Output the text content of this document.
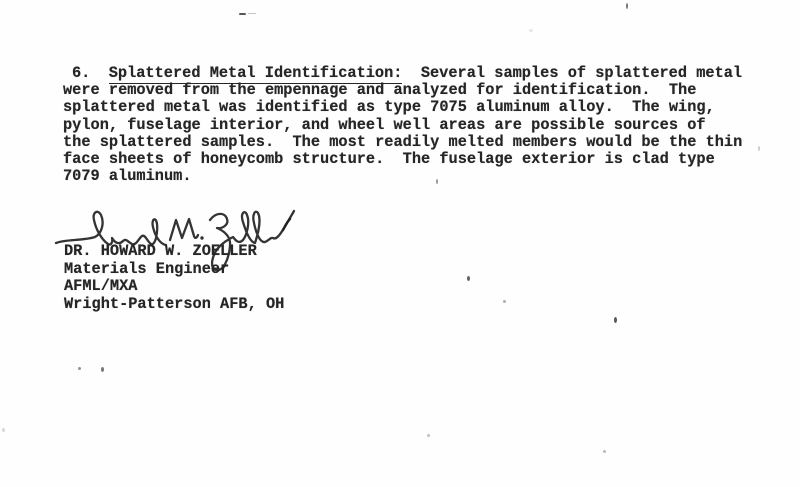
6. Splattered Metal Identification:  Several samples of splattered metal
were removed from the empennage and analyzed for identification.  The
splattered metal was identified as type 7075 aluminum alloy.  The wing,
pylon, fuselage interior, and wheel well areas are possible sources of
the splattered samples.  The most readily melted members would be the thin
face sheets of honeycomb structure.  The fuselage exterior is clad type
7079 aluminum.
DR. HOWARD W. ZOELLER
Materials Engineer
AFML/MXA
Wright-Patterson AFB, OH
